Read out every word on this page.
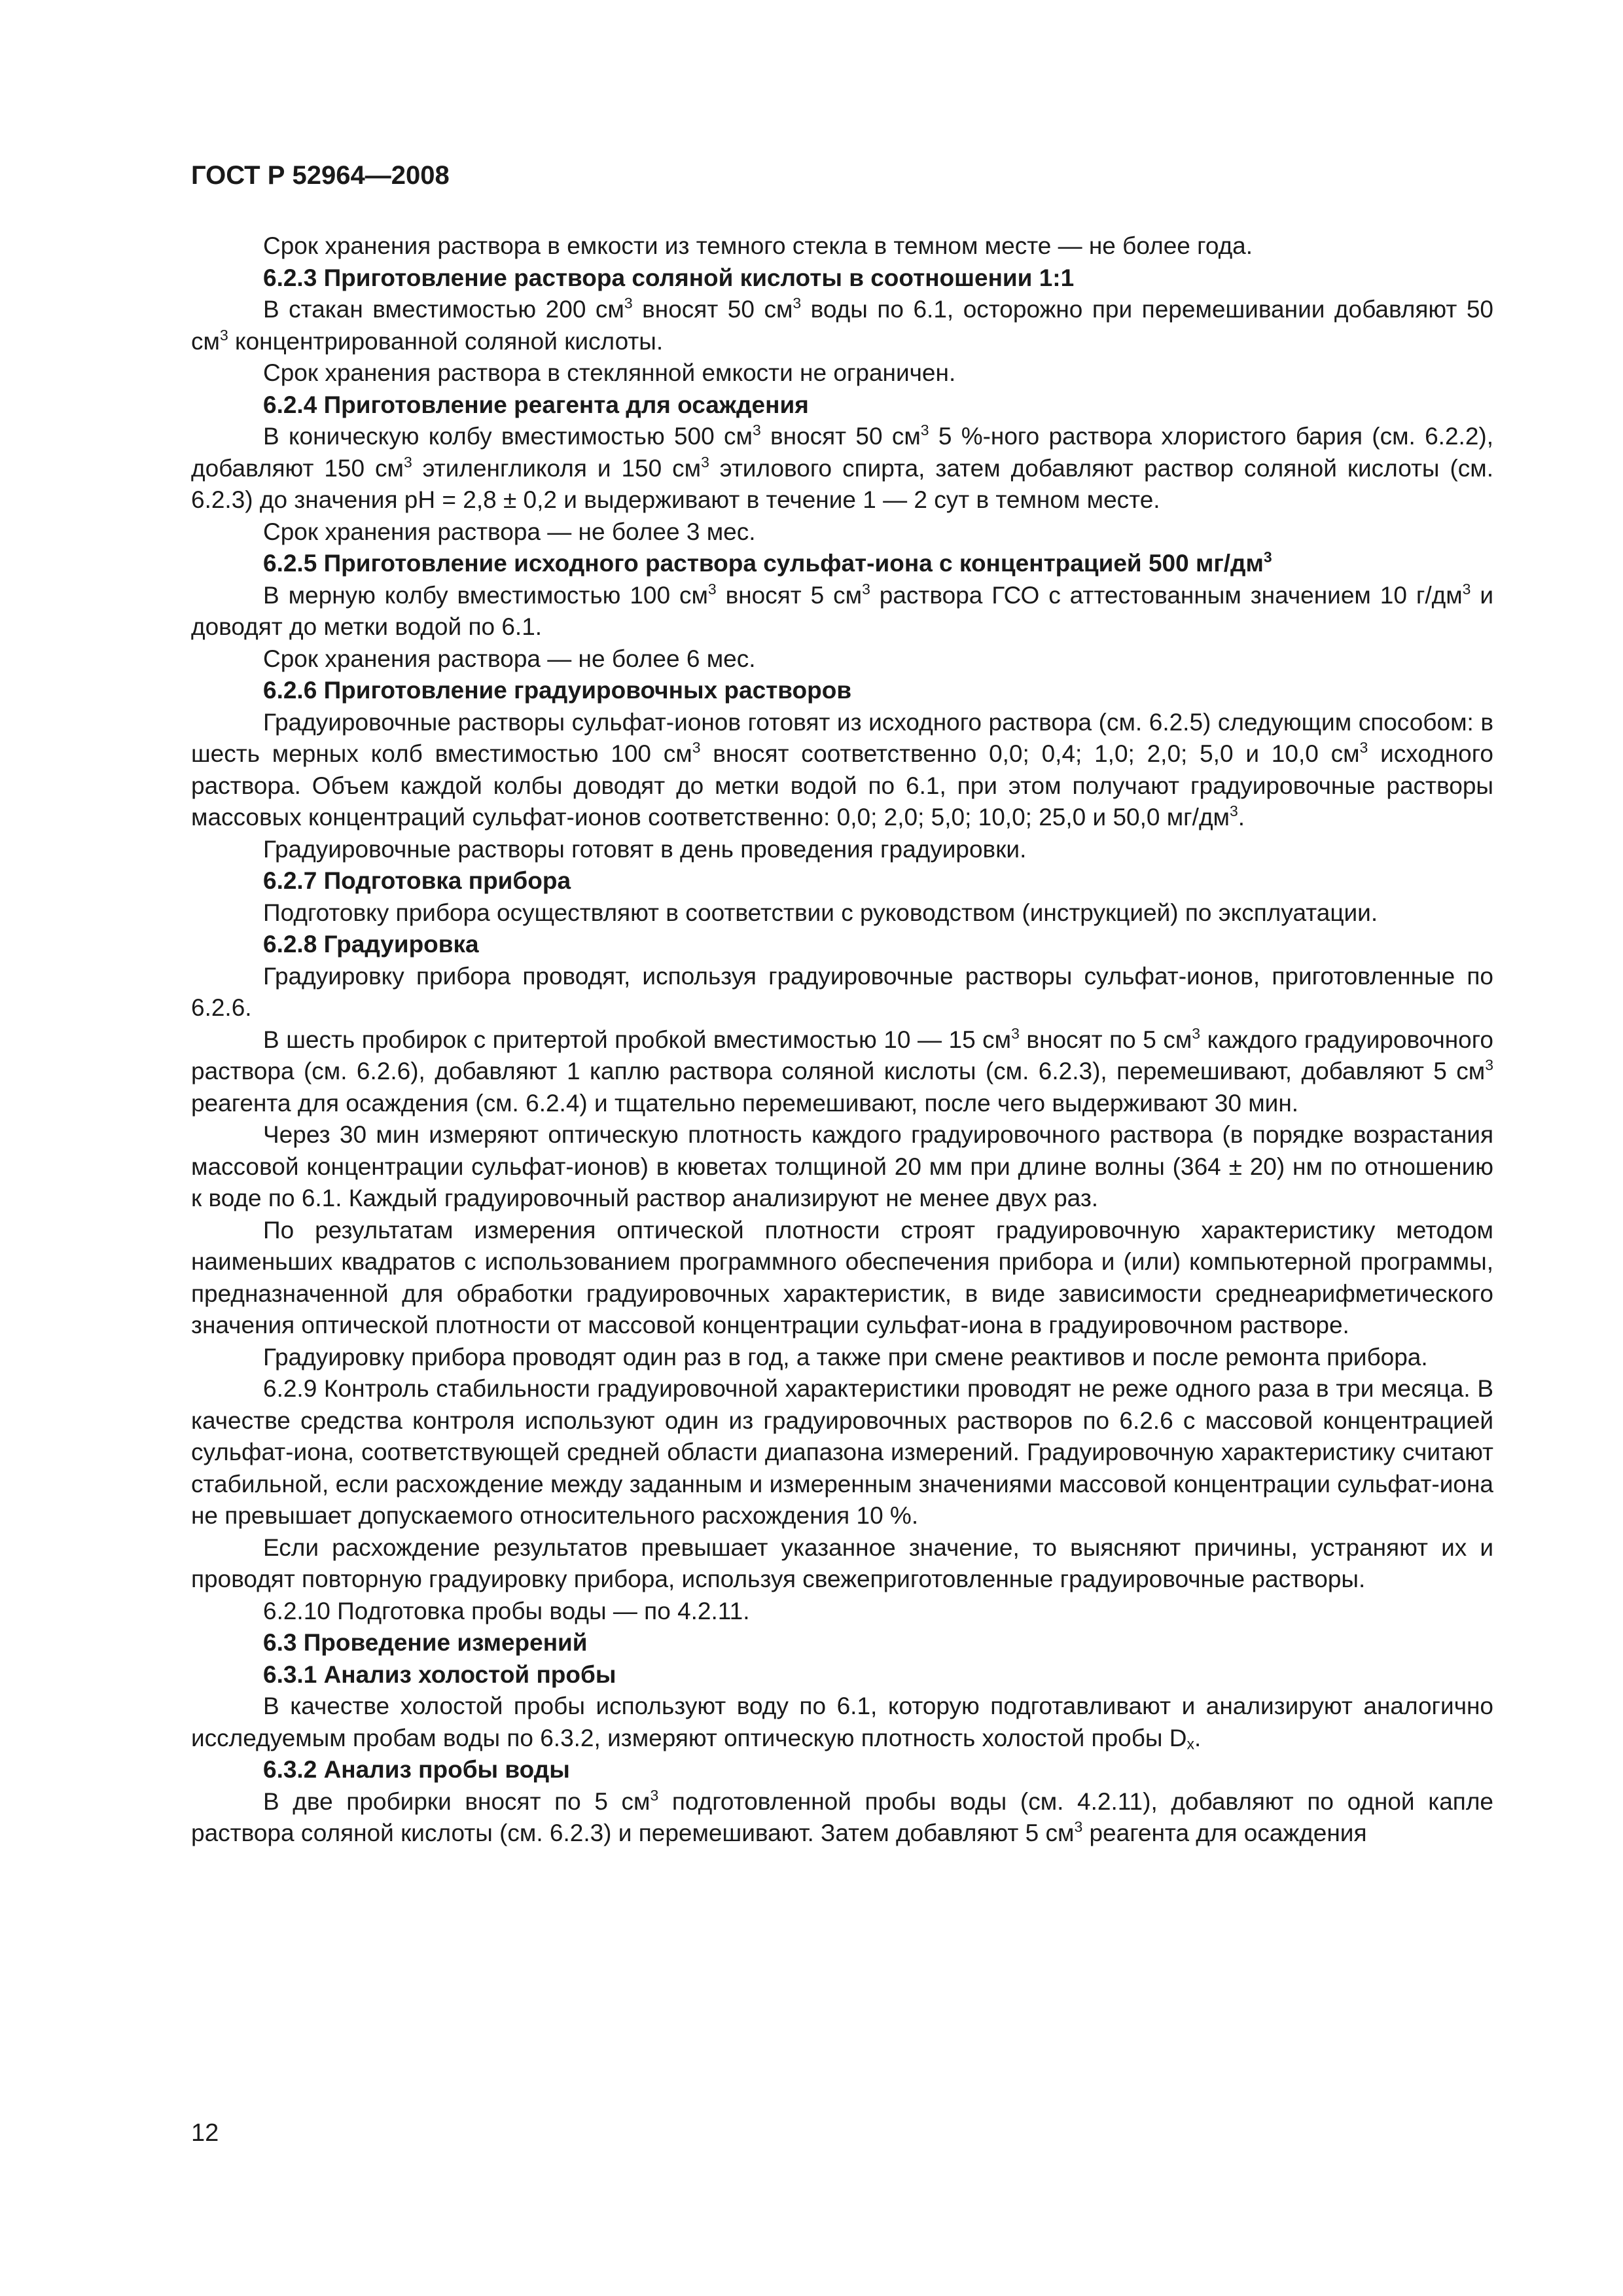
ГОСТ Р 52964—2008

Срок хранения раствора в емкости из темного стекла в темном месте — не более года.

6.2.3 Приготовление раствора соляной кислоты в соотношении 1:1

В стакан вместимостью 200 $см^3$ вносят 50 $см^3$ воды по 6.1, осторожно при перемешивании добавляют 50 $см^3$ концентрированной соляной кислоты.

Срок хранения раствора в стеклянной емкости не ограничен.

6.2.4 Приготовление реагента для осаждения

В коническую колбу вместимостью 500 $см^3$ вносят 50 $см^3$ 5 %-ного раствора хлористого бария (см. 6.2.2), добавляют 150 $см^3$ этиленгликоля и 150 $см^3$ этилового спирта, затем добавляют раствор соляной кислоты (см. 6.2.3) до значения pH = 2,8 ± 0,2 и выдерживают в течение 1 — 2 сут в темном месте.

Срок хранения раствора — не более 3 мес.

6.2.5 Приготовление исходного раствора сульфат-иона с концентрацией 500 $мг/дм^3$

В мерную колбу вместимостью 100 $см^3$ вносят 5 $см^3$ раствора ГСО с аттестованным значением 10 $г/дм^3$ и доводят до метки водой по 6.1.

Срок хранения раствора — не более 6 мес.

6.2.6 Приготовление градуировочных растворов

Градуировочные растворы сульфат-ионов готовят из исходного раствора (см. 6.2.5) следующим способом: в шесть мерных колб вместимостью 100 $см^3$ вносят соответственно 0,0; 0,4; 1,0; 2,0; 5,0 и 10,0 $см^3$ исходного раствора. Объем каждой колбы доводят до метки водой по 6.1, при этом получают градуировочные растворы массовых концентраций сульфат-ионов соответственно: 0,0; 2,0; 5,0; 10,0; 25,0 и 50,0 $мг/дм^3$.

Градуировочные растворы готовят в день проведения градуировки.

6.2.7 Подготовка прибора

Подготовку прибора осуществляют в соответствии с руководством (инструкцией) по эксплуатации.

6.2.8 Градуировка

Градуировку прибора проводят, используя градуировочные растворы сульфат-ионов, приготовленные по 6.2.6.

В шесть пробирок с притертой пробкой вместимостью 10 — 15 $см^3$ вносят по 5 $см^3$ каждого градуировочного раствора (см. 6.2.6), добавляют 1 каплю раствора соляной кислоты (см. 6.2.3), перемешивают, добавляют 5 $см^3$ реагента для осаждения (см. 6.2.4) и тщательно перемешивают, после чего выдерживают 30 мин.

Через 30 мин измеряют оптическую плотность каждого градуировочного раствора (в порядке возрастания массовой концентрации сульфат-ионов) в кюветах толщиной 20 мм при длине волны (364 ± 20) нм по отношению к воде по 6.1. Каждый градуировочный раствор анализируют не менее двух раз.

По результатам измерения оптической плотности строят градуировочную характеристику методом наименьших квадратов с использованием программного обеспечения прибора и (или) компьютерной программы, предназначенной для обработки градуировочных характеристик, в виде зависимости среднеарифметического значения оптической плотности от массовой концентрации сульфат-иона в градуировочном растворе.

Градуировку прибора проводят один раз в год, а также при смене реактивов и после ремонта прибора.

6.2.9 Контроль стабильности градуировочной характеристики проводят не реже одного раза в три месяца. В качестве средства контроля используют один из градуировочных растворов по 6.2.6 с массовой концентрацией сульфат-иона, соответствующей средней области диапазона измерений. Градуировочную характеристику считают стабильной, если расхождение между заданным и измеренным значениями массовой концентрации сульфат-иона не превышает допускаемого относительного расхождения 10 %.

Если расхождение результатов превышает указанное значение, то выясняют причины, устраняют их и проводят повторную градуировку прибора, используя свежеприготовленные градуировочные растворы.

6.2.10 Подготовка пробы воды — по 4.2.11.

6.3 Проведение измерений

6.3.1 Анализ холостой пробы

В качестве холостой пробы используют воду по 6.1, которую подготавливают и анализируют аналогично исследуемым пробам воды по 6.3.2, измеряют оптическую плотность холостой пробы $D_x$.

6.3.2 Анализ пробы воды

В две пробирки вносят по 5 $см^3$ подготовленной пробы воды (см. 4.2.11), добавляют по одной капле раствора соляной кислоты (см. 6.2.3) и перемешивают. Затем добавляют 5 $см^3$ реагента для осаждения

12
